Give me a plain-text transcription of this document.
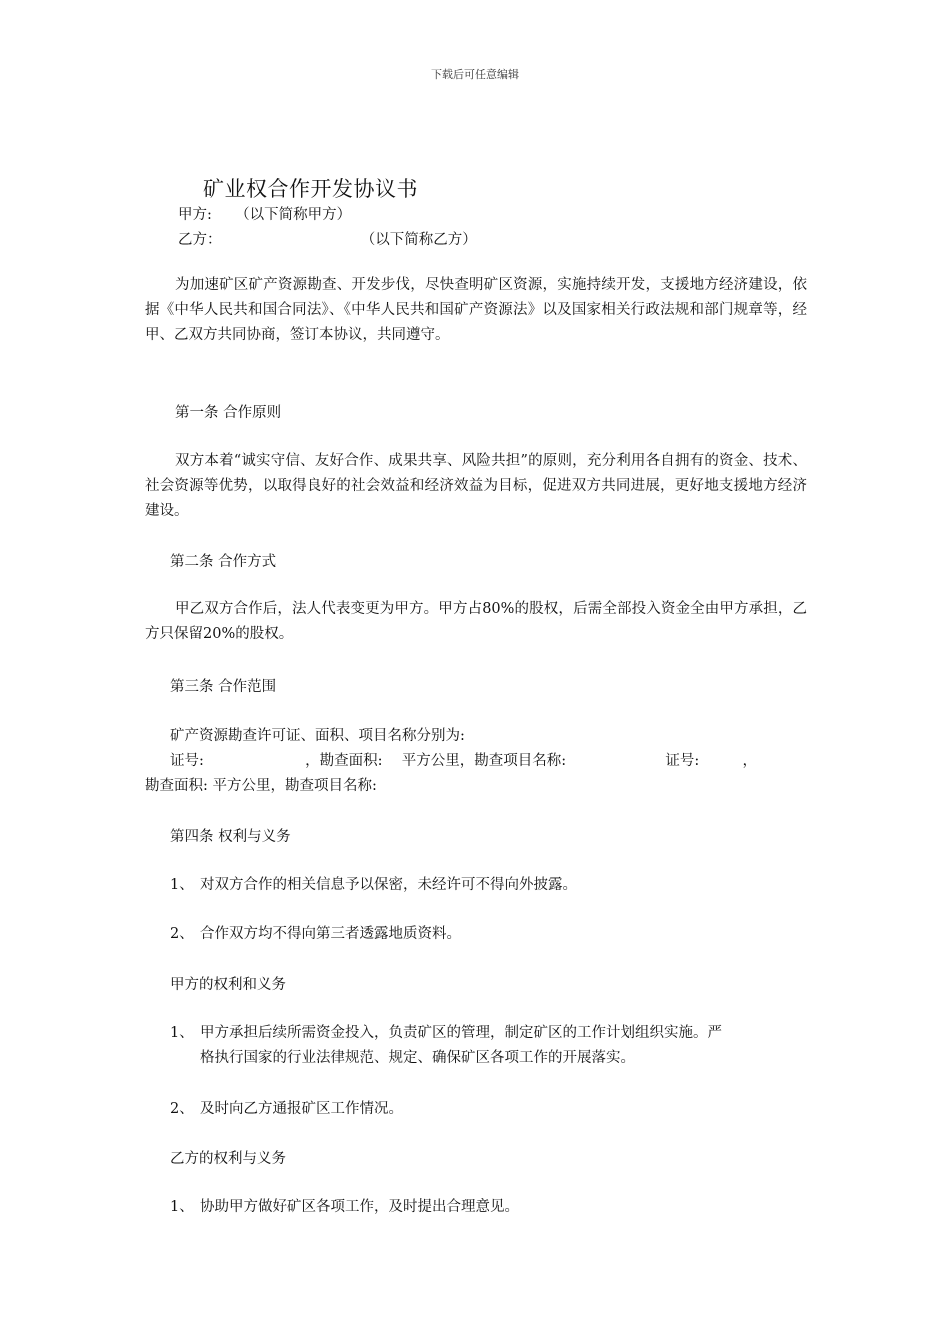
下载后可任意编辑
矿业权合作开发协议书
甲方: （以下简称甲方）
乙方：	（以下简称乙方）
为加速矿区矿产资源勘查、开发步伐，尽快查明矿区资源，实施持续开发，支援地方经济建设，依据《中华人民共和国合同法》、《中华人民共和国矿产资源法》以及国家相关行政法规和部门规章等，经甲、乙双方共同协商，签订本协议，共同遵守。
第一条 合作原则
双方本着“诚实守信、友好合作、成果共享、风险共担”的原则，充分利用各自拥有的资金、技术、社会资源等优势，以取得良好的社会效益和经济效益为目标，促进双方共同进展，更好地支援地方经济建设。
第二条 合作方式
甲乙双方合作后，法人代表变更为甲方。甲方占80%的股权，后需全部投入资金全由甲方承担，乙方只保留20%的股权。
第三条 合作范围
矿产资源勘查许可证、面积、项目名称分别为:
证号:	，勘查面积: 平方公里，勘查项目名称:	证号:	，
勘查面积: 平方公里，勘查项目名称:
第四条 权利与义务
1、 对双方合作的相关信息予以保密，未经许可不得向外披露。
2、 合作双方均不得向第三者透露地质资料。
甲方的权利和义务
1、 甲方承担后续所需资金投入，负责矿区的管理，制定矿区的工作计划组织实施。严
格执行国家的行业法律规范、规定、确保矿区各项工作的开展落实。
2、 及时向乙方通报矿区工作情况。
乙方的权利与义务
1、 协助甲方做好矿区各项工作，及时提出合理意见。
